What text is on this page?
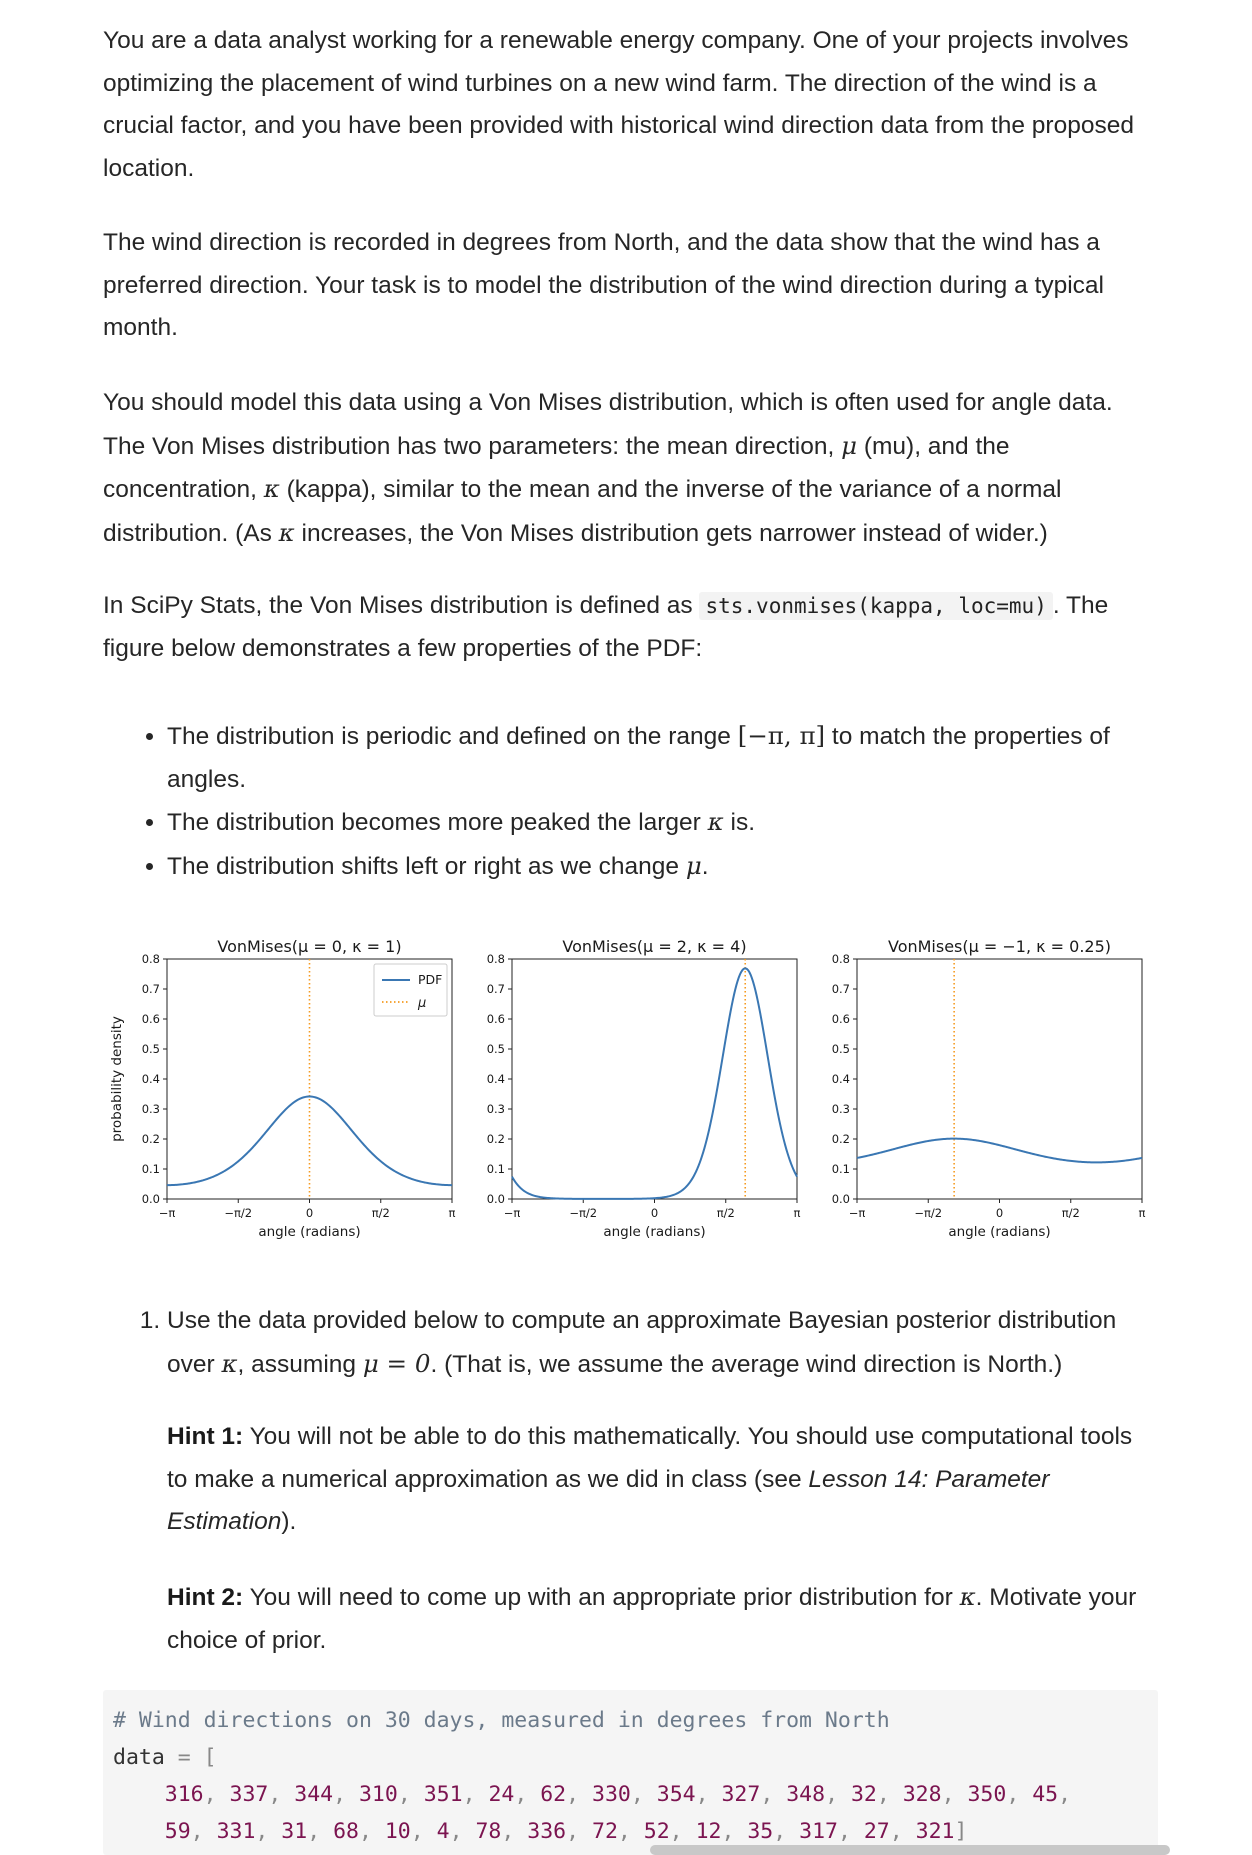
You are a data analyst working for a renewable energy company. One of your projects involves optimizing the placement of wind turbines on a new wind farm. The direction of the wind is a crucial factor, and you have been provided with historical wind direction data from the proposed location.

The wind direction is recorded in degrees from North, and the data show that the wind has a preferred direction. Your task is to model the distribution of the wind direction during a typical month.

You should model this data using a Von Mises distribution, which is often used for angle data. The Von Mises distribution has two parameters: the mean direction, μ (mu), and the concentration, κ (kappa), similar to the mean and the inverse of the variance of a normal distribution. (As κ increases, the Von Mises distribution gets narrower instead of wider.)

In SciPy Stats, the Von Mises distribution is defined as sts.vonmises(kappa, loc=mu) . The figure below demonstrates a few properties of the PDF:

• The distribution is periodic and defined on the range [−π, π] to match the properties of angles.
• The distribution becomes more peaked the larger κ is.
• The distribution shifts left or right as we change μ.
VonMises(μ = 0, κ = 1)
0.0
0.1
0.2
0.3
0.4
0.5
0.6
0.7
0.8
−π	−π/2	0	π/2	π
angle (radians)
probability density
PDF
μ
VonMises(μ = 2, κ = 4)
0.0
0.1
0.2
0.3
0.4
0.5
0.6
0.7
0.8
−π	−π/2	0	π/2	π
angle (radians)
VonMises(μ = −1, κ = 0.25)
0.0
0.1
0.2
0.3
0.4
0.5
0.6
0.7
0.8
−π	−π/2	0	π/2	π
angle (radians)
1. Use the data provided below to compute an approximate Bayesian posterior distribution over κ, assuming μ = 0. (That is, we assume the average wind direction is North.)

Hint 1: You will not be able to do this mathematically. You should use computational tools to make a numerical approximation as we did in class (see Lesson 14: Parameter Estimation).

Hint 2: You will need to come up with an appropriate prior distribution for κ. Motivate your choice of prior.

# Wind directions on 30 days, measured in degrees from North
data = [
316, 337, 344, 310, 351, 24, 62, 330, 354, 327, 348, 32, 328, 350, 45,
59, 331, 31, 68, 10, 4, 78, 336, 72, 52, 12, 35, 317, 27, 321]
